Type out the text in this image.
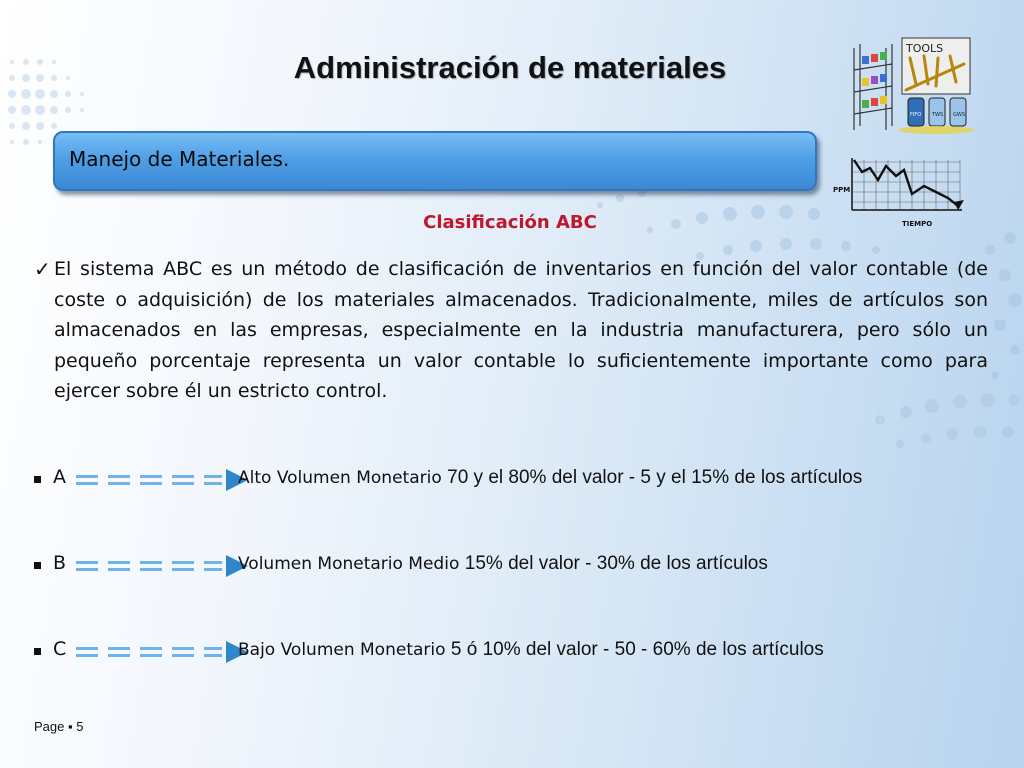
Administración de materiales
TOOLS
FIFO TWS GWS
Manejo de Materiales.
PPM
TIEMPO
Clasificación ABC
✓ El sistema ABC es un método de clasificación de inventarios en función del valor contable (de coste o adquisición) de los materiales almacenados. Tradicionalmente, miles de artículos son almacenados en las empresas, especialmente en la industria manufacturera, pero sólo un pequeño porcentaje representa un valor contable lo suficientemente importante como para ejercer sobre él un estricto control.
A	Alto Volumen Monetario 70 y el 80% del valor - 5 y el 15% de los artículos
B	Volumen Monetario Medio 15% del valor - 30% de los artículos
C	Bajo Volumen Monetario 5 ó 10% del valor - 50 - 60% de los artículos
Page ▪ 5
